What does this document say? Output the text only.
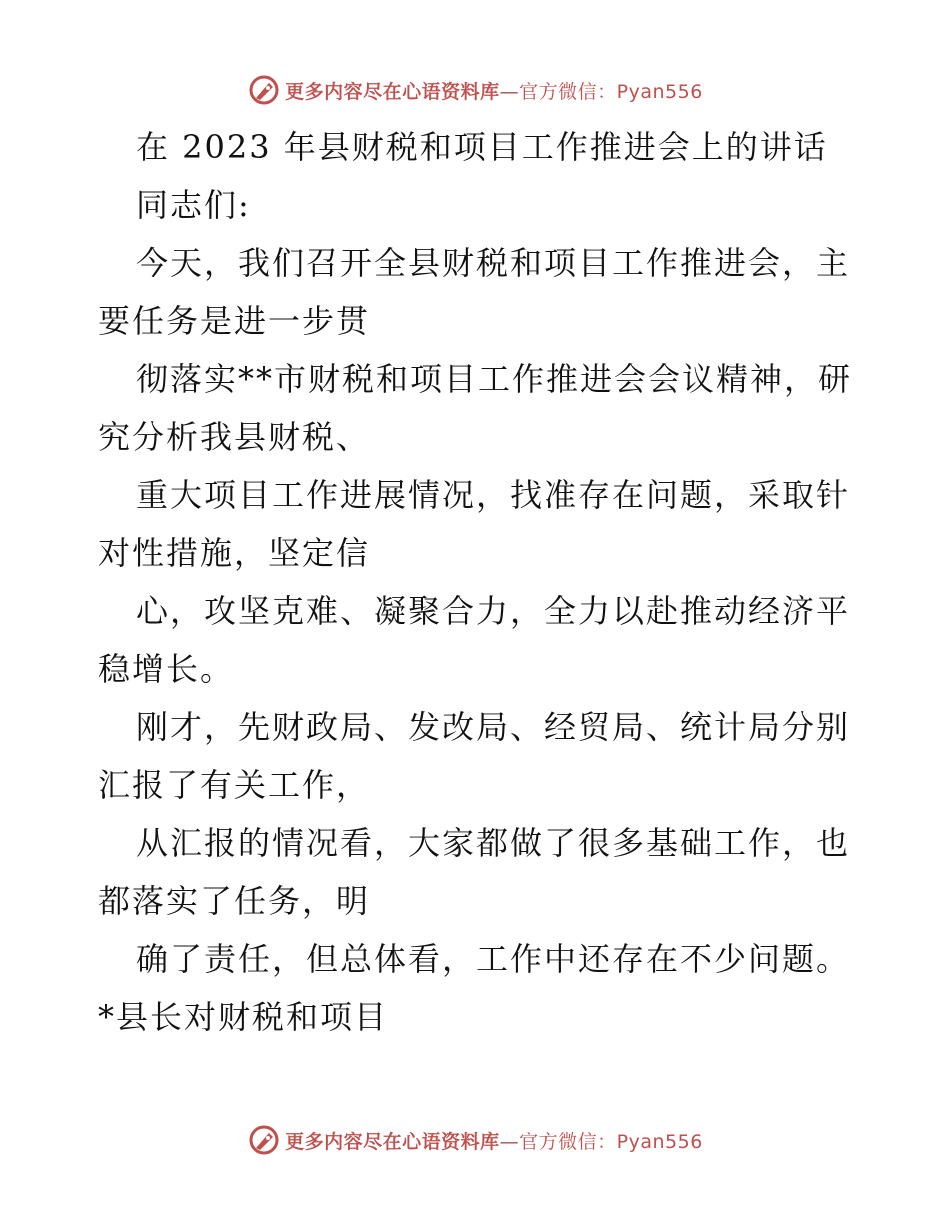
更多内容尽在心语资料库—官方微信：Pyan556
在 2023 年县财税和项目工作推进会上的讲话
同志们:
今天，我们召开全县财税和项目工作推进会，主
要任务是进一步贯
彻落实**市财税和项目工作推进会会议精神，研
究分析我县财税、
重大项目工作进展情况，找准存在问题，采取针
对性措施，坚定信
心，攻坚克难、凝聚合力，全力以赴推动经济平
稳增长。
刚才，先财政局、发改局、经贸局、统计局分别
汇报了有关工作，
从汇报的情况看，大家都做了很多基础工作，也
都落实了任务，明
确了责任，但总体看，工作中还存在不少问题。
*县长对财税和项目
更多内容尽在心语资料库—官方微信：Pyan556
